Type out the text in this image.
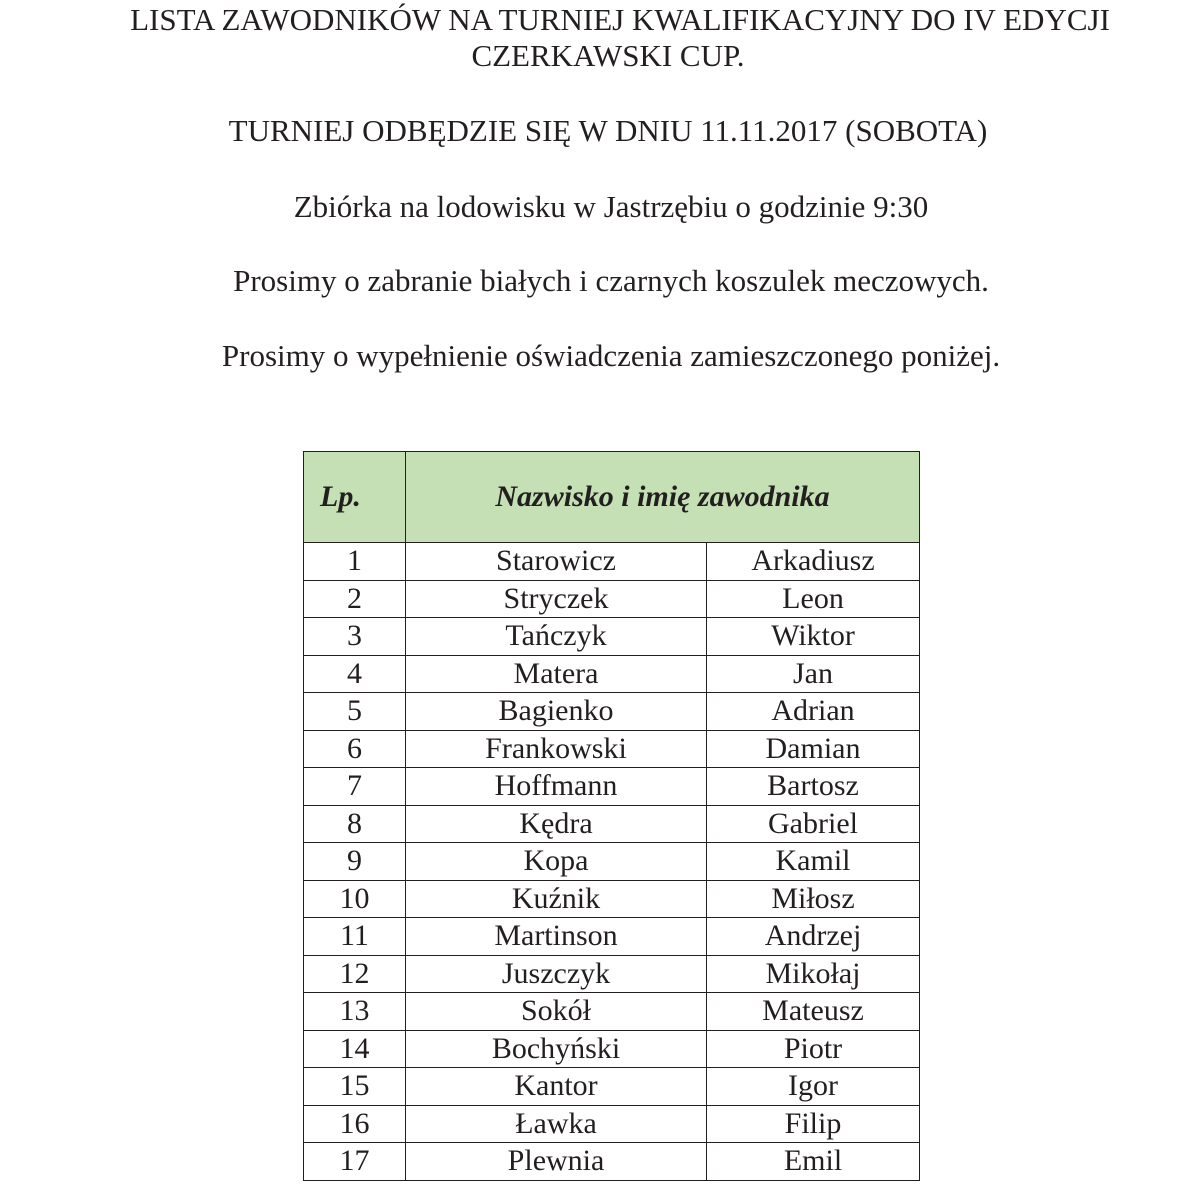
LISTA ZAWODNIKÓW NA TURNIEJ KWALIFIKACYJNY DO IV EDYCJI
CZERKAWSKI CUP.
TURNIEJ ODBĘDZIE SIĘ W DNIU 11.11.2017 (SOBOTA)
Zbiórka na lodowisku w Jastrzębiu o godzinie 9:30
Prosimy o zabranie białych i czarnych koszulek meczowych.
Prosimy o wypełnienie oświadczenia zamieszczonego poniżej.
Lp.	Nazwisko i imię zawodnika	
1	Starowicz	Arkadiusz
2	Stryczek	Leon
3	Tańczyk	Wiktor
4	Matera	Jan
5	Bagienko	Adrian
6	Frankowski	Damian
7	Hoffmann	Bartosz
8	Kędra	Gabriel
9	Kopa	Kamil
10	Kuźnik	Miłosz
11	Martinson	Andrzej
12	Juszczyk	Mikołaj
13	Sokół	Mateusz
14	Bochyński	Piotr
15	Kantor	Igor
16	Ławka	Filip
17	Plewnia	Emil
